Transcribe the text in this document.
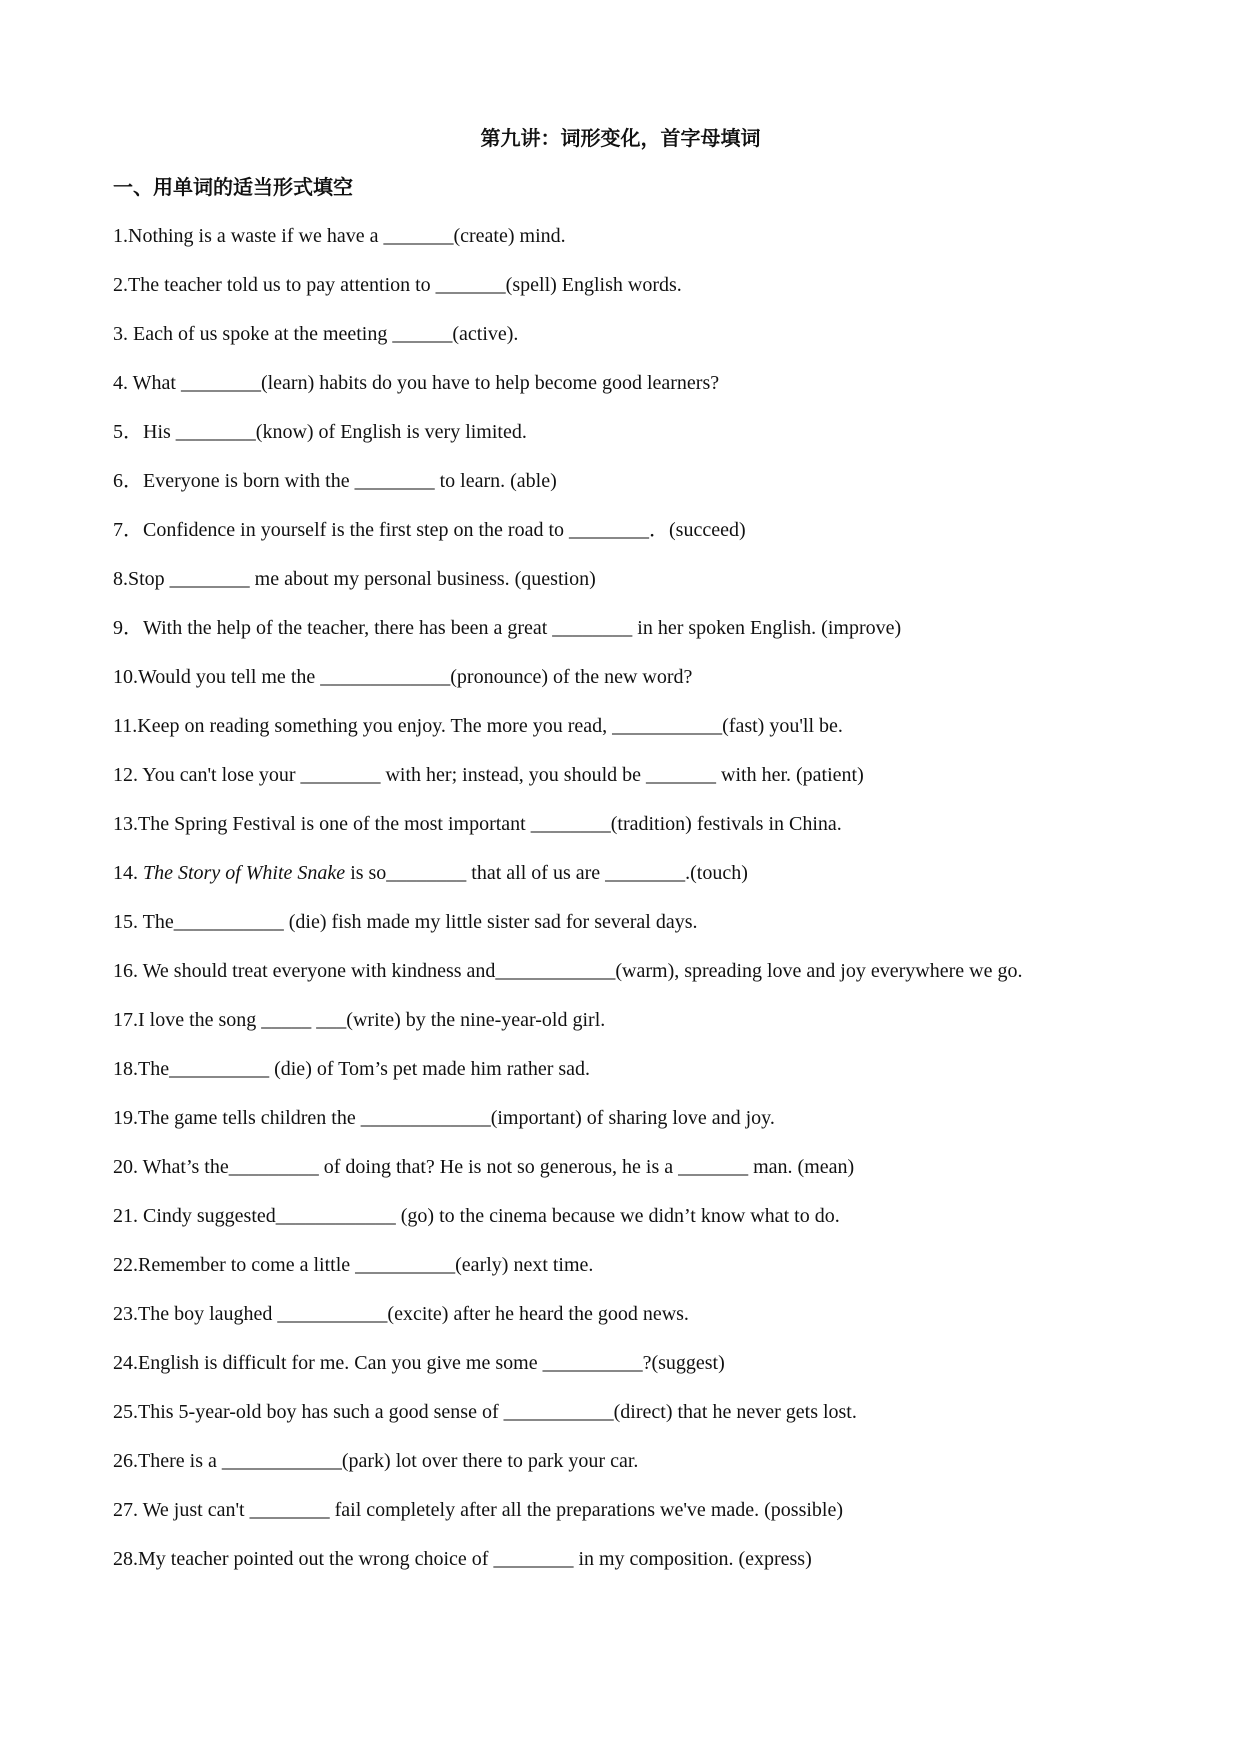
第九讲：词形变化，首字母填词
一、用单词的适当形式填空
1.Nothing is a waste if we have a _______(create) mind.
2.The teacher told us to pay attention to _______(spell) English words.
3. Each of us spoke at the meeting ______(active).
4. What ________(learn) habits do you have to help become good learners?
5．His ________(know) of English is very limited.
6．Everyone is born with the ________ to learn. (able)
7．Confidence in yourself is the first step on the road to ________．(succeed)
8.Stop ________ me about my personal business. (question)
9．With the help of the teacher, there has been a great ________ in her spoken English. (improve)
10.Would you tell me the _____________(pronounce) of the new word?
11.Keep on reading something you enjoy. The more you read, ___________(fast) you'll be.
12. You can't lose your ________ with her; instead, you should be _______ with her. (patient)
13.The Spring Festival is one of the most important ________(tradition) festivals in China.
14. The Story of White Snake is so________ that all of us are ________.(touch)
15. The___________ (die) fish made my little sister sad for several days.
16. We should treat everyone with kindness and____________(warm), spreading love and joy everywhere we go.
17.I love the song _____ ___(write) by the nine-year-old girl.
18.The__________ (die) of Tom’s pet made him rather sad.
19.The game tells children the _____________(important) of sharing love and joy.
20. What’s the_________ of doing that? He is not so generous, he is a _______ man. (mean)
21. Cindy suggested____________ (go) to the cinema because we didn’t know what to do.
22.Remember to come a little __________(early) next time.
23.The boy laughed ___________(excite) after he heard the good news.
24.English is difficult for me. Can you give me some __________?(suggest)
25.This 5-year-old boy has such a good sense of ___________(direct) that he never gets lost.
26.There is a ____________(park) lot over there to park your car.
27. We just can't ________ fail completely after all the preparations we've made. (possible)
28.My teacher pointed out the wrong choice of ________ in my composition. (express)
